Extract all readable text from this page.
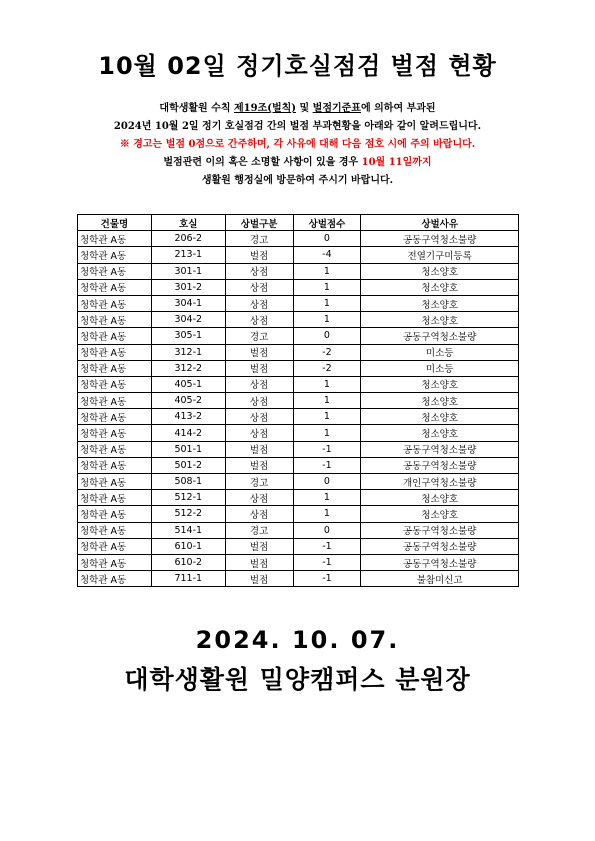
10월 02일 정기호실점검 벌점 현황
대학생활원 수칙 제19조(벌칙) 및 벌점기준표에 의하여 부과된
2024년 10월 2일 정기 호실점검 간의 벌점 부과현황을 아래와 같이 알려드립니다.
※ 경고는 벌점 0점으로 간주하며, 각 사유에 대해 다음 점호 시에 주의 바랍니다.
벌점관련 이의 혹은 소명할 사항이 있을 경우 10월 11일까지
생활원 행정실에 방문하여 주시기 바랍니다.
건물명	호실	상벌구분	상벌점수	상벌사유
청학관 A동	206-2	경고	0	공동구역청소불량
청학관 A동	213-1	벌점	-4	전열기구미등록
청학관 A동	301-1	상점	1	청소양호
청학관 A동	301-2	상점	1	청소양호
청학관 A동	304-1	상점	1	청소양호
청학관 A동	304-2	상점	1	청소양호
청학관 A동	305-1	경고	0	공동구역청소불량
청학관 A동	312-1	벌점	-2	미소등
청학관 A동	312-2	벌점	-2	미소등
청학관 A동	405-1	상점	1	청소양호
청학관 A동	405-2	상점	1	청소양호
청학관 A동	413-2	상점	1	청소양호
청학관 A동	414-2	상점	1	청소양호
청학관 A동	501-1	벌점	-1	공동구역청소불량
청학관 A동	501-2	벌점	-1	공동구역청소불량
청학관 A동	508-1	경고	0	개인구역청소불량
청학관 A동	512-1	상점	1	청소양호
청학관 A동	512-2	상점	1	청소양호
청학관 A동	514-1	경고	0	공동구역청소불량
청학관 A동	610-1	벌점	-1	공동구역청소불량
청학관 A동	610-2	벌점	-1	공동구역청소불량
청학관 A동	711-1	벌점	-1	불참미신고
2024. 10. 07.
대학생활원 밀양캠퍼스 분원장
